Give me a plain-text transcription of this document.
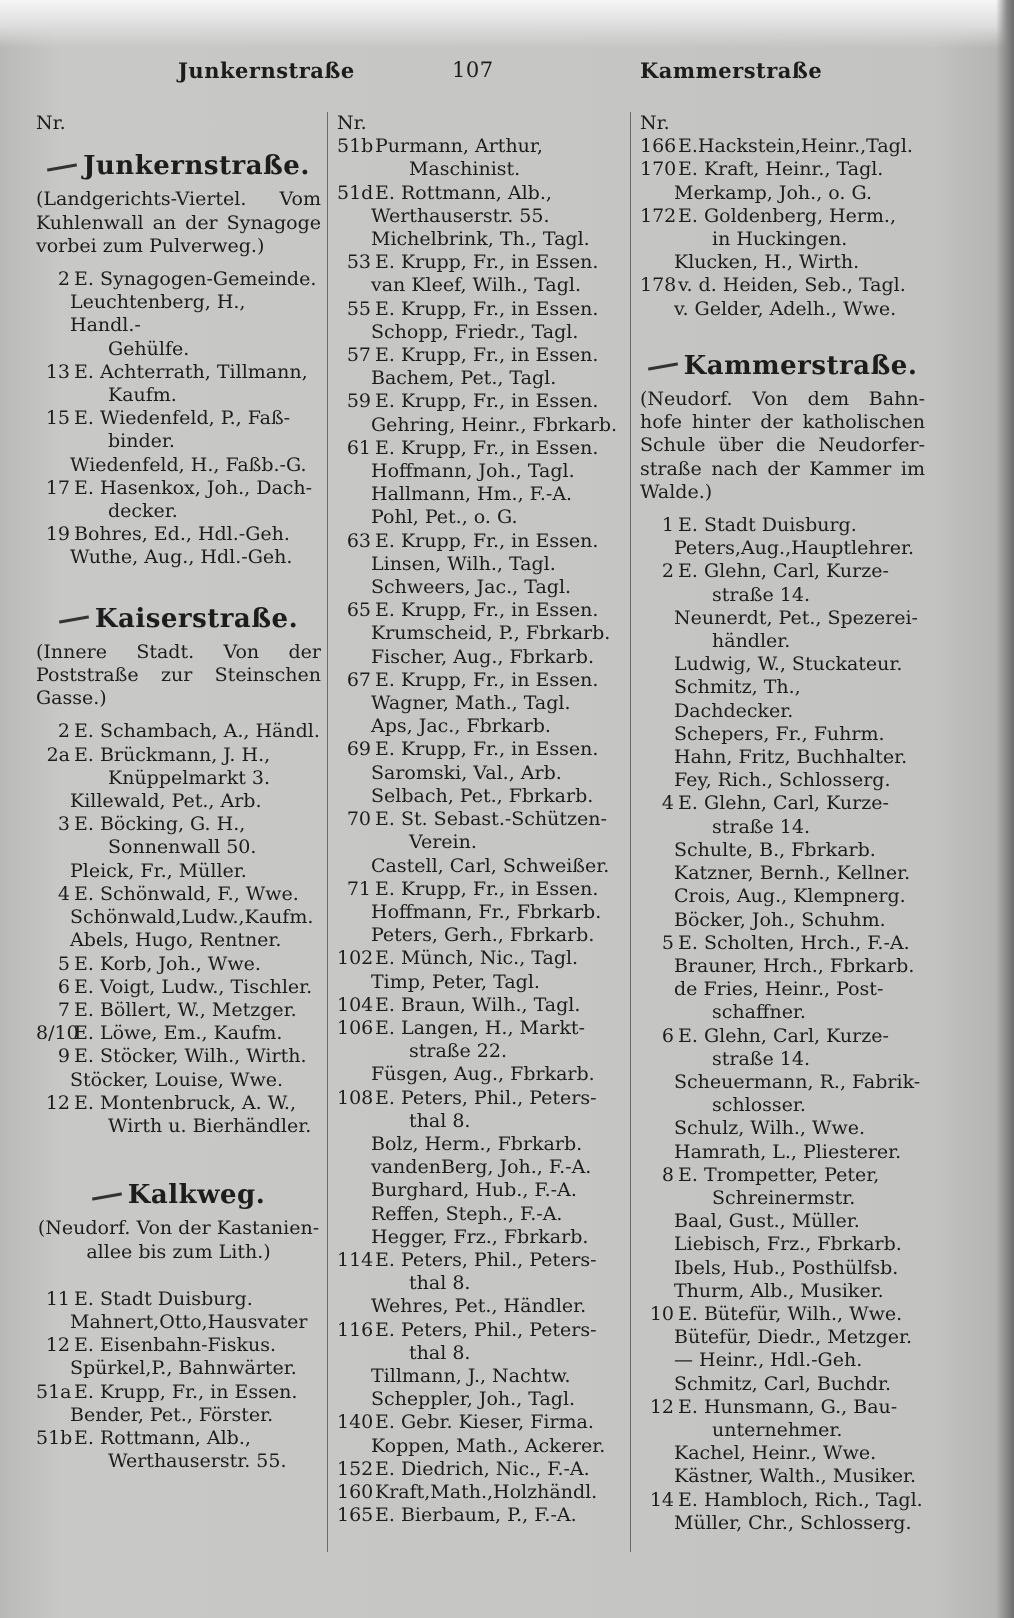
Junkernstraße	107	Kammerstraße
Nr.
Junkernstraße.
(Landgerichts-Viertel. Vom Kuhlenwall an der Synagoge vorbei zum Pulverweg.)
2 E. Synagogen-Gemeinde.
Leuchtenberg, H., Handl.-
Gehülfe.
13 E. Achterrath, Tillmann,
Kaufm.
15 E. Wiedenfeld, P., Faß-
binder.
Wiedenfeld, H., Faßb.-G.
17 E. Hasenkox, Joh., Dach-
decker.
19 Bohres, Ed., Hdl.-Geh.
Wuthe, Aug., Hdl.-Geh.
Kaiserstraße.
(Innere Stadt. Von der Poststraße zur Steinschen Gasse.)
2 E. Schambach, A., Händl.
2a E. Brückmann, J. H.,
Knüppelmarkt 3.
Killewald, Pet., Arb.
3 E. Böcking, G. H.,
Sonnenwall 50.
Pleick, Fr., Müller.
4 E. Schönwald, F., Wwe.
Schönwald,Ludw.,Kaufm.
Abels, Hugo, Rentner.
5 E. Korb, Joh., Wwe.
6 E. Voigt, Ludw., Tischler.
7 E. Böllert, W., Metzger.
8/10
E. Löwe, Em., Kaufm.
9 E. Stöcker, Wilh., Wirth.
Stöcker, Louise, Wwe.
12 E. Montenbruck, A. W.,
Wirth u. Bierhändler.
Kalkweg.
(Neudorf. Von der Kastanien-allee bis zum Lith.)
11 E. Stadt Duisburg.
Mahnert,Otto,Hausvater
12 E. Eisenbahn-Fiskus.
Spürkel,P., Bahnwärter.
51a E. Krupp, Fr., in Essen.
Bender, Pet., Förster.
51b E. Rottmann, Alb.,
Werthauserstr. 55.
Nr.
51b Purmann, Arthur,
Maschinist.
51d E. Rottmann, Alb.,
Werthauserstr. 55.
Michelbrink, Th., Tagl.
53 E. Krupp, Fr., in Essen.
van Kleef, Wilh., Tagl.
55 E. Krupp, Fr., in Essen.
Schopp, Friedr., Tagl.
57 E. Krupp, Fr., in Essen.
Bachem, Pet., Tagl.
59 E. Krupp, Fr., in Essen.
Gehring, Heinr., Fbrkarb.
61 E. Krupp, Fr., in Essen.
Hoffmann, Joh., Tagl.
Hallmann, Hm., F.-A.
Pohl, Pet., o. G.
63 E. Krupp, Fr., in Essen.
Linsen, Wilh., Tagl.
Schweers, Jac., Tagl.
65 E. Krupp, Fr., in Essen.
Krumscheid, P., Fbrkarb.
Fischer, Aug., Fbrkarb.
67 E. Krupp, Fr., in Essen.
Wagner, Math., Tagl.
Aps, Jac., Fbrkarb.
69 E. Krupp, Fr., in Essen.
Saromski, Val., Arb.
Selbach, Pet., Fbrkarb.
70 E. St. Sebast.-Schützen-
Verein.
Castell, Carl, Schweißer.
71 E. Krupp, Fr., in Essen.
Hoffmann, Fr., Fbrkarb.
Peters, Gerh., Fbrkarb.
102 E. Münch, Nic., Tagl.
Timp, Peter, Tagl.
104 E. Braun, Wilh., Tagl.
106 E. Langen, H., Markt-
straße 22.
Füsgen, Aug., Fbrkarb.
108 E. Peters, Phil., Peters-
thal 8.
Bolz, Herm., Fbrkarb.
vandenBerg, Joh., F.-A.
Burghard, Hub., F.-A.
Reffen, Steph., F.-A.
Hegger, Frz., Fbrkarb.
114 E. Peters, Phil., Peters-
thal 8.
Wehres, Pet., Händler.
116 E. Peters, Phil., Peters-
thal 8.
Tillmann, J., Nachtw.
Scheppler, Joh., Tagl.
140 E. Gebr. Kieser, Firma.
Koppen, Math., Ackerer.
152 E. Diedrich, Nic., F.-A.
160 Kraft,Math.,Holzhändl.
165 E. Bierbaum, P., F.-A.
Nr.
166 E.Hackstein,Heinr.,Tagl.
170 E. Kraft, Heinr., Tagl.
Merkamp, Joh., o. G.
172 E. Goldenberg, Herm.,
in Huckingen.
Klucken, H., Wirth.
178 v. d. Heiden, Seb., Tagl.
v. Gelder, Adelh., Wwe.
Kammerstraße.
(Neudorf. Von dem Bahn-hofe hinter der katholischen Schule über die Neudorfer-straße nach der Kammer im Walde.)
1 E. Stadt Duisburg.
Peters,Aug.,Hauptlehrer.
2 E. Glehn, Carl, Kurze-
straße 14.
Neunerdt, Pet., Spezerei-
händler.
Ludwig, W., Stuckateur.
Schmitz, Th., Dachdecker.
Schepers, Fr., Fuhrm.
Hahn, Fritz, Buchhalter.
Fey, Rich., Schlosserg.
4 E. Glehn, Carl, Kurze-
straße 14.
Schulte, B., Fbrkarb.
Katzner, Bernh., Kellner.
Crois, Aug., Klempnerg.
Böcker, Joh., Schuhm.
5 E. Scholten, Hrch., F.-A.
Brauner, Hrch., Fbrkarb.
de Fries, Heinr., Post-
schaffner.
6 E. Glehn, Carl, Kurze-
straße 14.
Scheuermann, R., Fabrik-
schlosser.
Schulz, Wilh., Wwe.
Hamrath, L., Pliesterer.
8 E. Trompetter, Peter,
Schreinermstr.
Baal, Gust., Müller.
Liebisch, Frz., Fbrkarb.
Ibels, Hub., Posthülfsb.
Thurm, Alb., Musiker.
10 E. Bütefür, Wilh., Wwe.
Bütefür, Diedr., Metzger.
— Heinr., Hdl.-Geh.
Schmitz, Carl, Buchdr.
12 E. Hunsmann, G., Bau-
unternehmer.
Kachel, Heinr., Wwe.
Kästner, Walth., Musiker.
14 E. Hambloch, Rich., Tagl.
Müller, Chr., Schlosserg.
